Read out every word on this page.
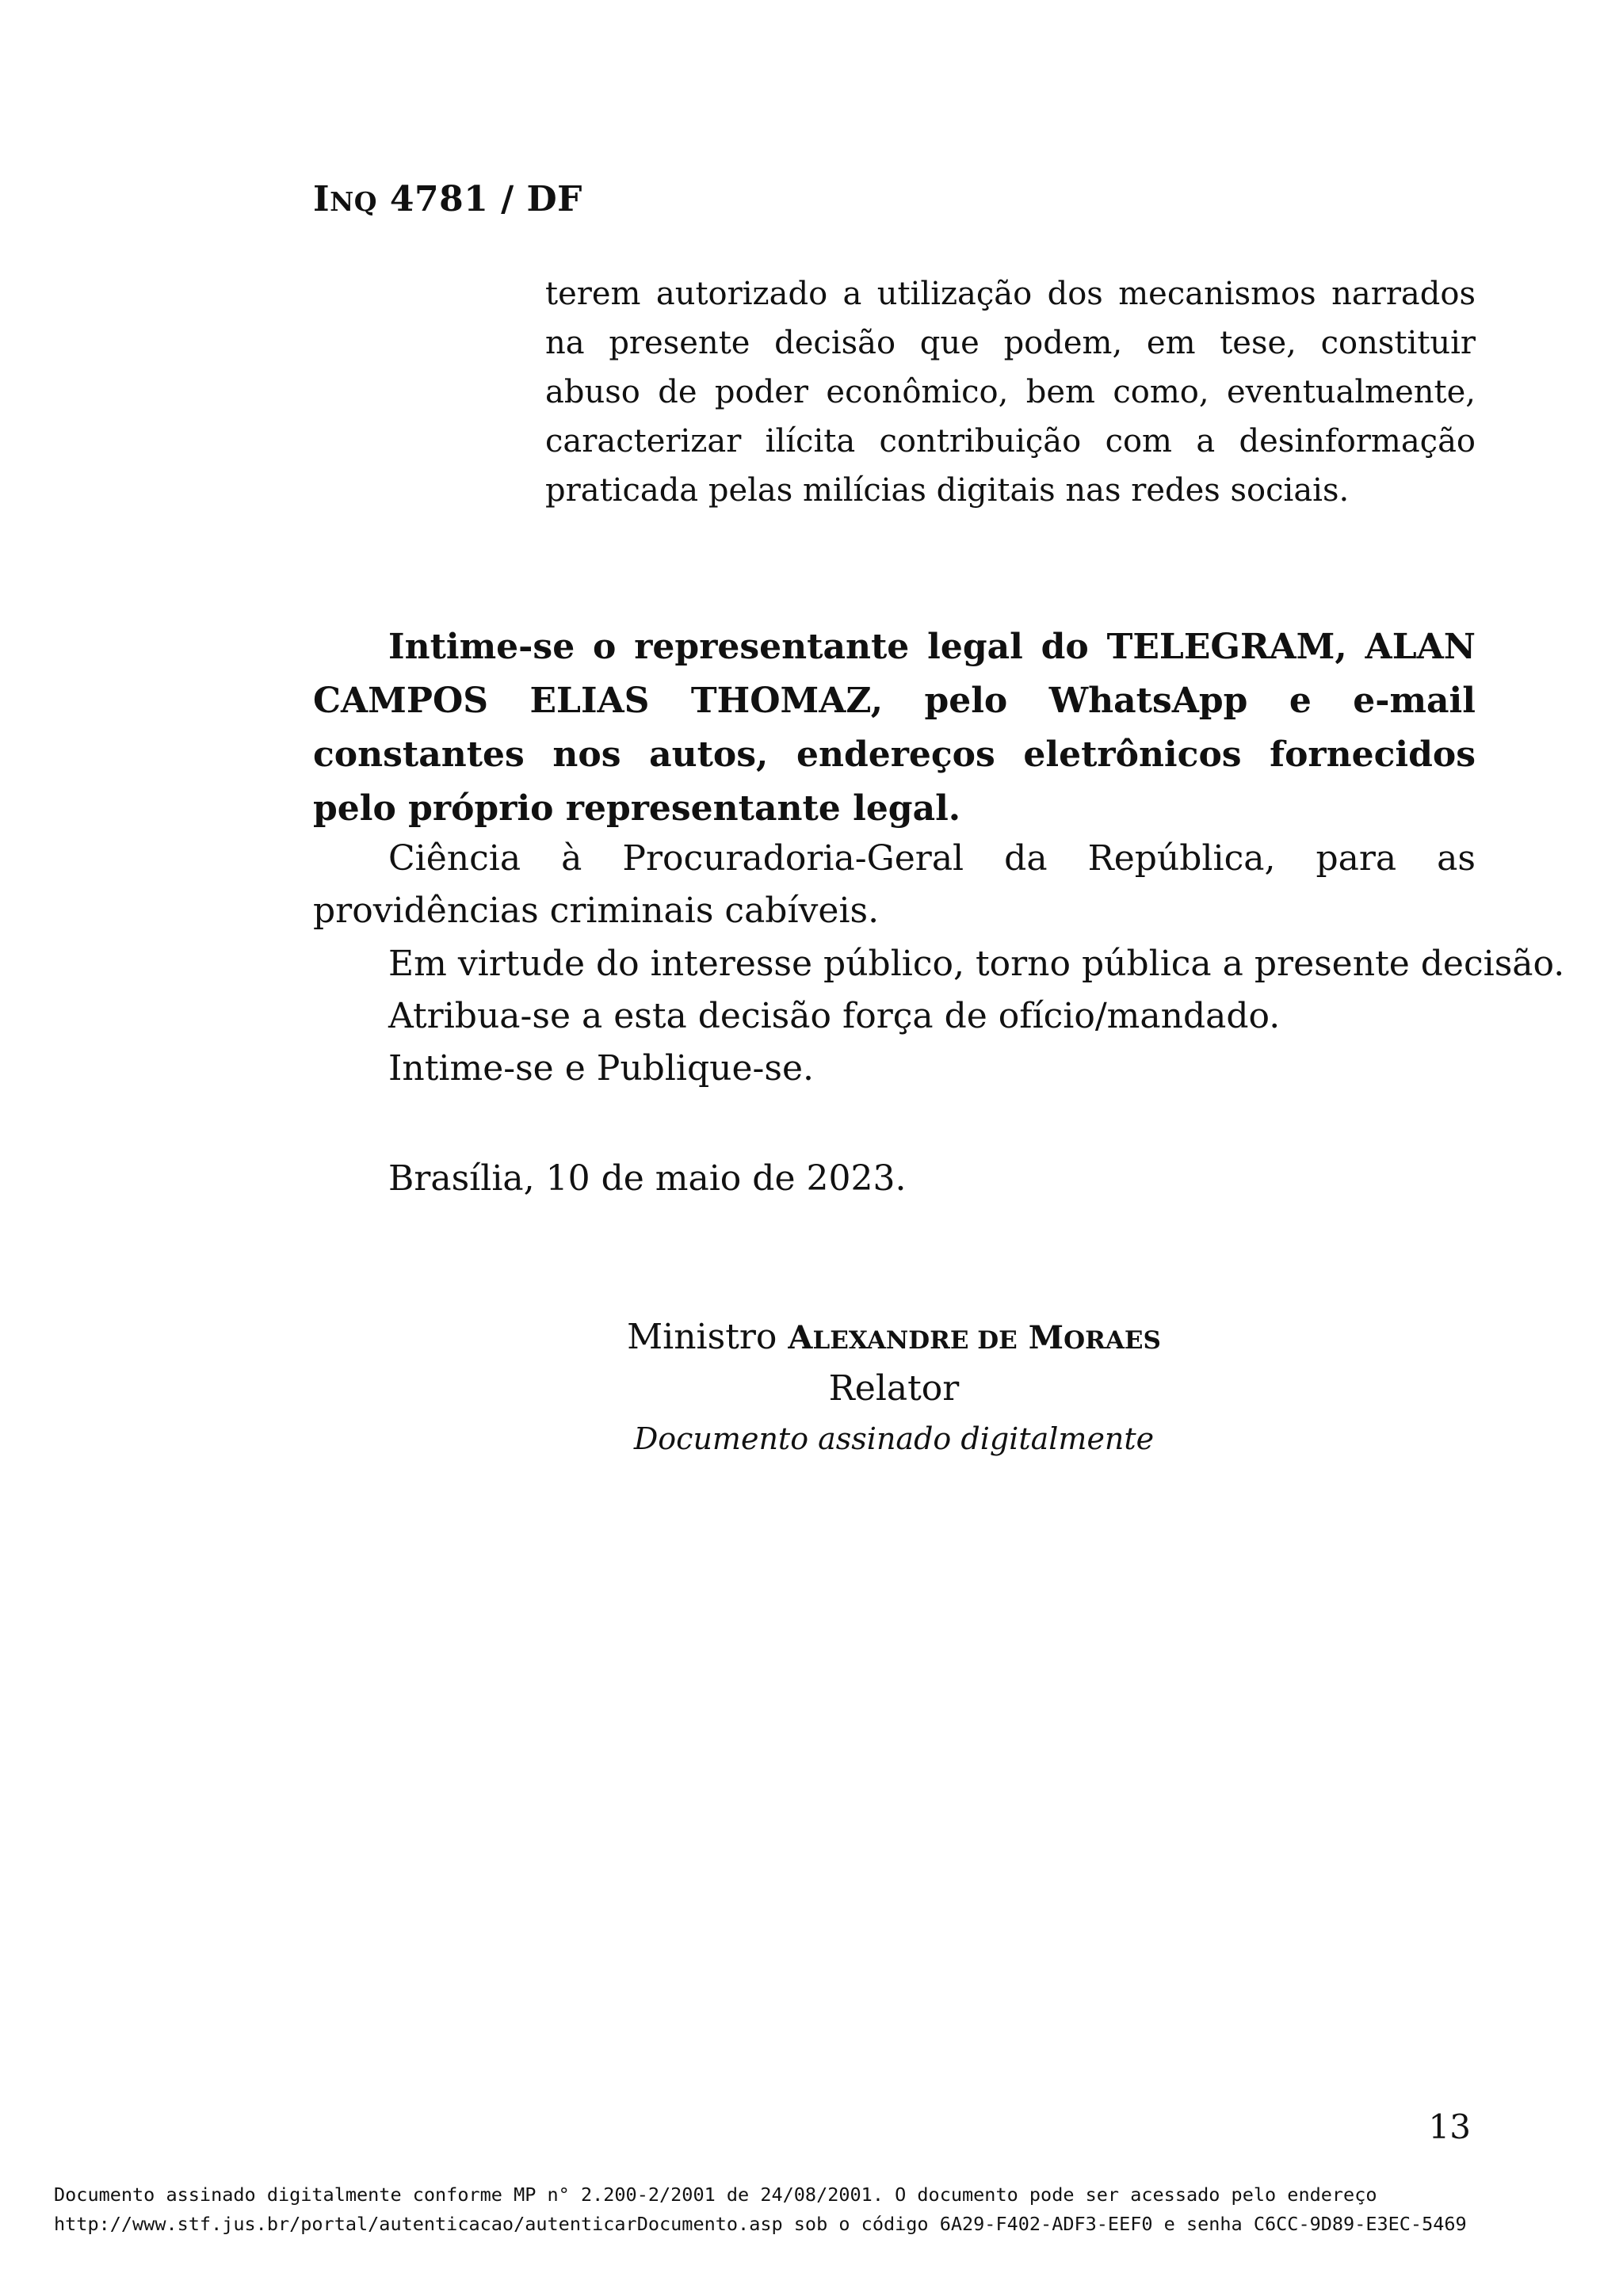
INQ 4781 / DF
terem autorizado a utilização dos mecanismos narrados na presente decisão que podem, em tese, constituir abuso de poder econômico, bem como, eventualmente, caracterizar ilícita contribuição com a desinformação praticada pelas milícias digitais nas redes sociais.
Intime-se o representante legal do TELEGRAM, ALAN CAMPOS ELIAS THOMAZ, pelo WhatsApp e e-mail constantes nos autos, endereços eletrônicos fornecidos pelo próprio representante legal.
Ciência à Procuradoria-Geral da República, para as providências criminais cabíveis.
Em virtude do interesse público, torno pública a presente decisão.
Atribua-se a esta decisão força de ofício/mandado.
Intime-se e Publique-se.
Brasília, 10 de maio de 2023.
Ministro ALEXANDRE DE MORAES
Relator
Documento assinado digitalmente
13
Documento assinado digitalmente conforme MP n° 2.200-2/2001 de 24/08/2001. O documento pode ser acessado pelo endereço
http://www.stf.jus.br/portal/autenticacao/autenticarDocumento.asp sob o código 6A29-F402-ADF3-EEF0 e senha C6CC-9D89-E3EC-5469
